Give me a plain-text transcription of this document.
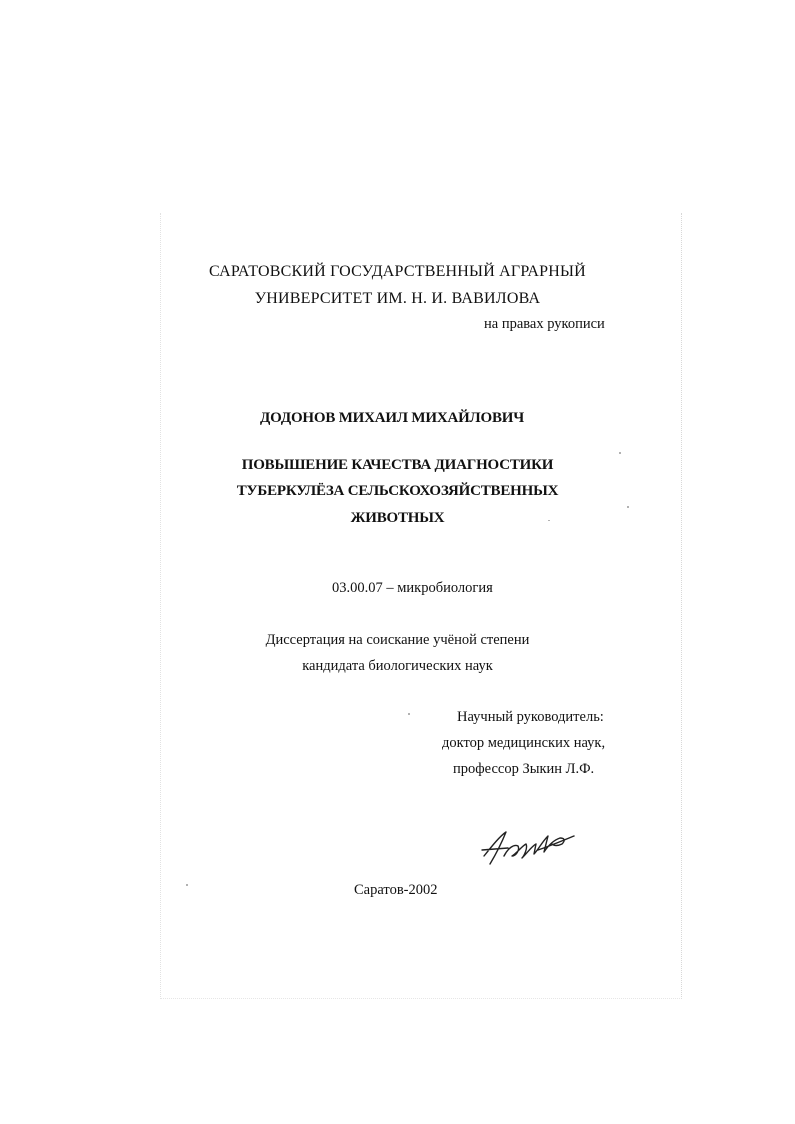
САРАТОВСКИЙ ГОСУДАРСТВЕННЫЙ АГРАРНЫЙ
УНИВЕРСИТЕТ ИМ. Н. И. ВАВИЛОВА
на правах рукописи
ДОДОНОВ МИХАИЛ МИХАЙЛОВИЧ
ПОВЫШЕНИЕ КАЧЕСТВА ДИАГНОСТИКИ
ТУБЕРКУЛЁЗА СЕЛЬСКОХОЗЯЙСТВЕННЫХ
ЖИВОТНЫХ
03.00.07 – микробиология
Диссертация на соискание учёной степени
кандидата биологических наук
Научный руководитель:
доктор медицинских наук,
профессор Зыкин Л.Ф.
Саратов-2002
